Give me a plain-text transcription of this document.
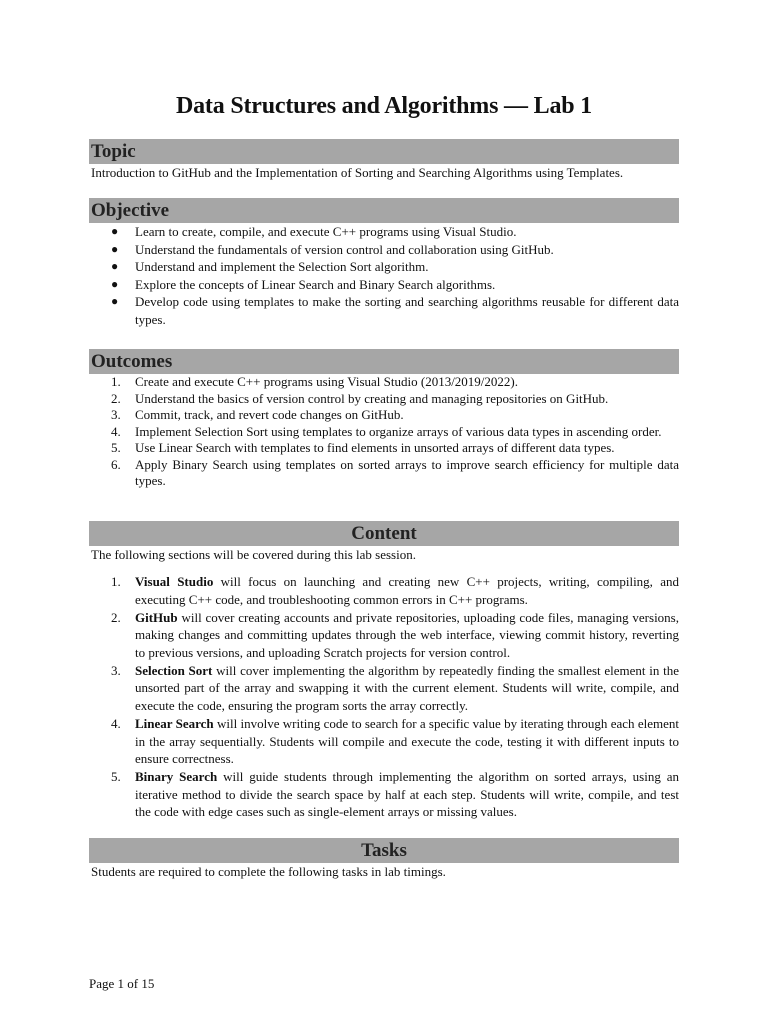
Data Structures and Algorithms — Lab 1
Topic

Introduction to GitHub and the Implementation of Sorting and Searching Algorithms using Templates.

Objective
●	Learn to create, compile, and execute C++ programs using Visual Studio.
●	Understand the fundamentals of version control and collaboration using GitHub.
●	Understand and implement the Selection Sort algorithm.
●	Explore the concepts of Linear Search and Binary Search algorithms.
●	Develop code using templates to make the sorting and searching algorithms reusable for different data types.
Outcomes
1.	Create and execute C++ programs using Visual Studio (2013/2019/2022).
2.	Understand the basics of version control by creating and managing repositories on GitHub.
3.	Commit, track, and revert code changes on GitHub.
4.	Implement Selection Sort using templates to organize arrays of various data types in ascending order.
5.	Use Linear Search with templates to find elements in unsorted arrays of different data types.
6.	Apply Binary Search using templates on sorted arrays to improve search efficiency for multiple data types.
Content

The following sections will be covered during this lab session.

1.	Visual Studio will focus on launching and creating new C++ projects, writing, compiling, and executing C++ code, and troubleshooting common errors in C++ programs.
2.	GitHub will cover creating accounts and private repositories, uploading code files, managing versions, making changes and committing updates through the web interface, viewing commit history, reverting to previous versions, and uploading Scratch projects for version control.
3.	Selection Sort will cover implementing the algorithm by repeatedly finding the smallest element in the unsorted part of the array and swapping it with the current element. Students will write, compile, and execute the code, ensuring the program sorts the array correctly.
4.	Linear Search will involve writing code to search for a specific value by iterating through each element in the array sequentially. Students will compile and execute the code, testing it with different inputs to ensure correctness.
5.	Binary Search will guide students through implementing the algorithm on sorted arrays, using an iterative method to divide the search space by half at each step. Students will write, compile, and test the code with edge cases such as single-element arrays or missing values.
Tasks

Students are required to complete the following tasks in lab timings.

Page 1 of 15
